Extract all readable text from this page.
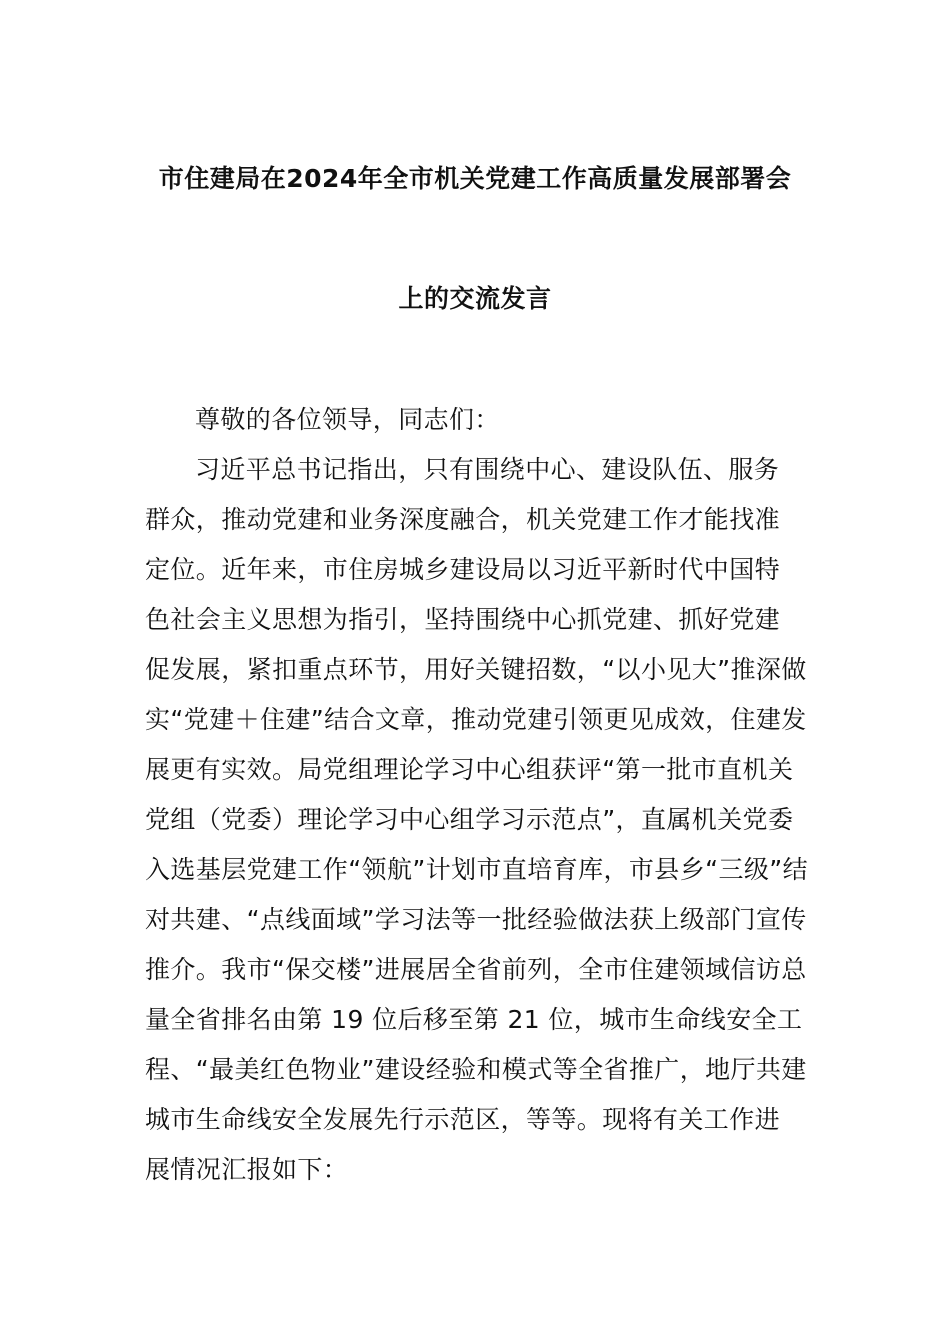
市住建局在2024年全市机关党建工作高质量发展部署会
上的交流发言
尊敬的各位领导，同志们：
习近平总书记指出，只有围绕中心、建设队伍、服务
群众，推动党建和业务深度融合，机关党建工作才能找准
定位。近年来，市住房城乡建设局以习近平新时代中国特
色社会主义思想为指引，坚持围绕中心抓党建、抓好党建
促发展，紧扣重点环节，用好关键招数，“以小见大”推深做
实“党建＋住建”结合文章，推动党建引领更见成效，住建发
展更有实效。局党组理论学习中心组获评“第一批市直机关
党组（党委）理论学习中心组学习示范点”，直属机关党委
入选基层党建工作“领航”计划市直培育库，市县乡“三级”结
对共建、“点线面域”学习法等一批经验做法获上级部门宣传
推介。我市“保交楼”进展居全省前列，全市住建领域信访总
量全省排名由第 19 位后移至第 21 位，城市生命线安全工
程、“最美红色物业”建设经验和模式等全省推广，地厅共建
城市生命线安全发展先行示范区，等等。现将有关工作进
展情况汇报如下：
